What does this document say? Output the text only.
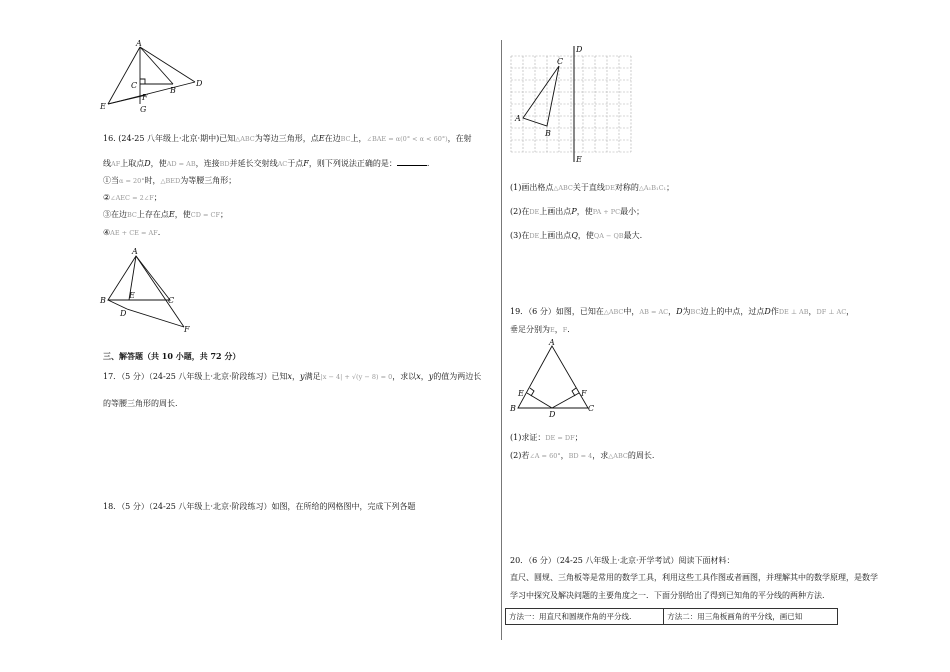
A
C
B
D
F
E	G
16. (24-25 八年级上·北京·期中)已知△ABC为等边三角形，点E在边BC上，∠BAE = α(0° < α < 60°)，在射
线AF上取点D，使AD = AB，连接BD并延长交射线AC于点F，则下列说法正确的是：	.
①当α = 20°时，△BED为等腰三角形；
②∠AEC = 2∠F；
③在边BC上存在点E，使CD = CF；
④AE + CE = AF.
A
B
E
C
D
F
三、解答题（共 10 小题，共 72 分）
17．（5 分）（24-25 八年级上·北京·阶段练习）已知x，y满足|x − 4| + √(y − 8) = 0，求以x，y的值为两边长
的等腰三角形的周长.
18．（5 分）（24-25 八年级上·北京·阶段练习）如图，在所给的网格图中，完成下列各题
D
C
A
B
E
(1)画出格点△ABC关于直线DE对称的△A₁B₁C₁；
(2)在DE上画出点P，使PA + PC最小；
(3)在DE上画出点Q，使QA − QB最大.
19．（6 分）如图，已知在△ABC中，AB = AC，D为BC边上的中点，过点D作DE ⊥ AB，DF ⊥ AC，
垂足分别为E，F．
A
E	F
B
D
C
(1)求证：DE = DF；
(2)若∠A = 60°，BD = 4，求△ABC的周长.
20．（6 分）（24-25 八年级上·北京·开学考试）阅读下面材料：
直尺、圆规、三角板等是常用的数学工具，利用这些工具作图或者画图，并理解其中的数学原理，是数学
学习中探究及解决问题的主要角度之一．下面分别给出了得到已知角的平分线的两种方法.
方法一：用直尺和圆规作角的平分线.	方法二：用三角板画角的平分线，画已知
